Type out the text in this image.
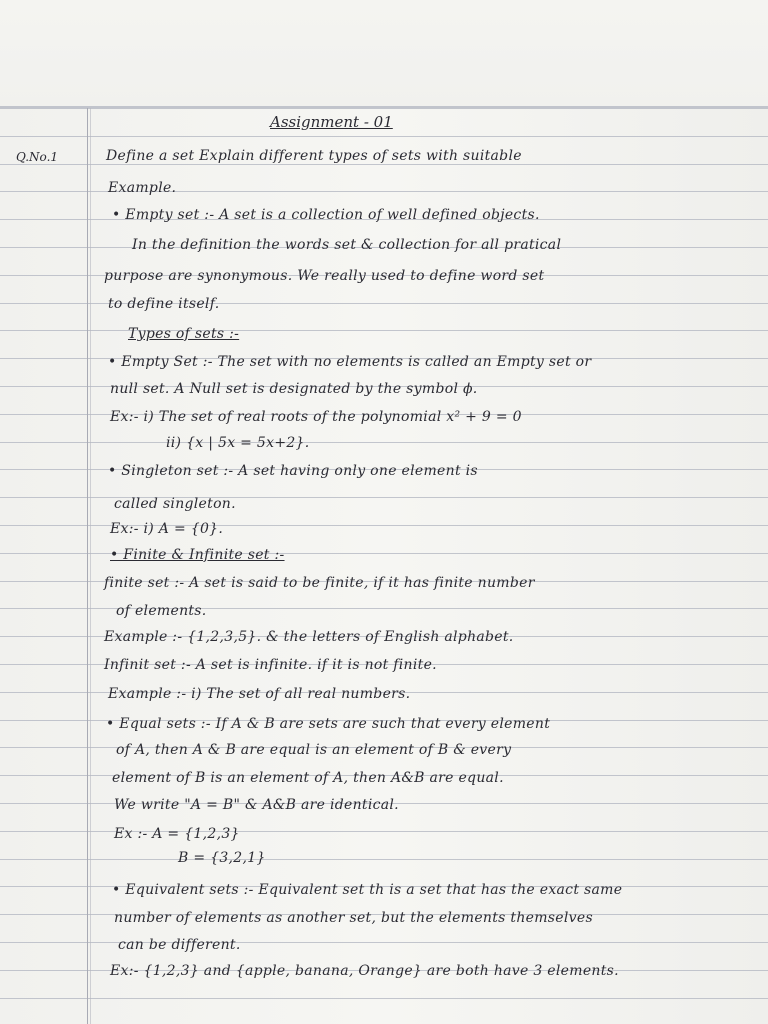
Assignment - 01
Q.No.1	Define a set Explain different types of sets with suitable
Example.
• Empty set :- A set is a collection of well defined objects.
In the definition the words set & collection for all pratical
purpose are synonymous. We really used to define word set
to define itself.
Types of sets :-
• Empty Set :- The set with no elements is called an Empty set or
null set. A Null set is designated by the symbol ϕ.
Ex:- i) The set of real roots of the polynomial x² + 9 = 0
ii) {x | 5x = 5x+2}.
• Singleton set :- A set having only one element is
called singleton.
Ex:- i) A = {0}.
• Finite & Infinite set :-
finite set :- A set is said to be finite, if it has finite number
of elements.
Example :- {1,2,3,5}. & the letters of English alphabet.
Infinit set :- A set is infinite. if it is not finite.
Example :- i) The set of all real numbers.
• Equal sets :- If A & B are sets are such that every element
of A, then A & B are equal is an element of B & every
element of B is an element of A, then A&B are equal.
We write "A = B" & A&B are identical.
Ex :- A = {1,2,3}
B = {3,2,1}
• Equivalent sets :- Equivalent set th is a set that has the exact same
number of elements as another set, but the elements themselves
can be different.
Ex:- {1,2,3} and {apple, banana, Orange} are both have 3 elements.
